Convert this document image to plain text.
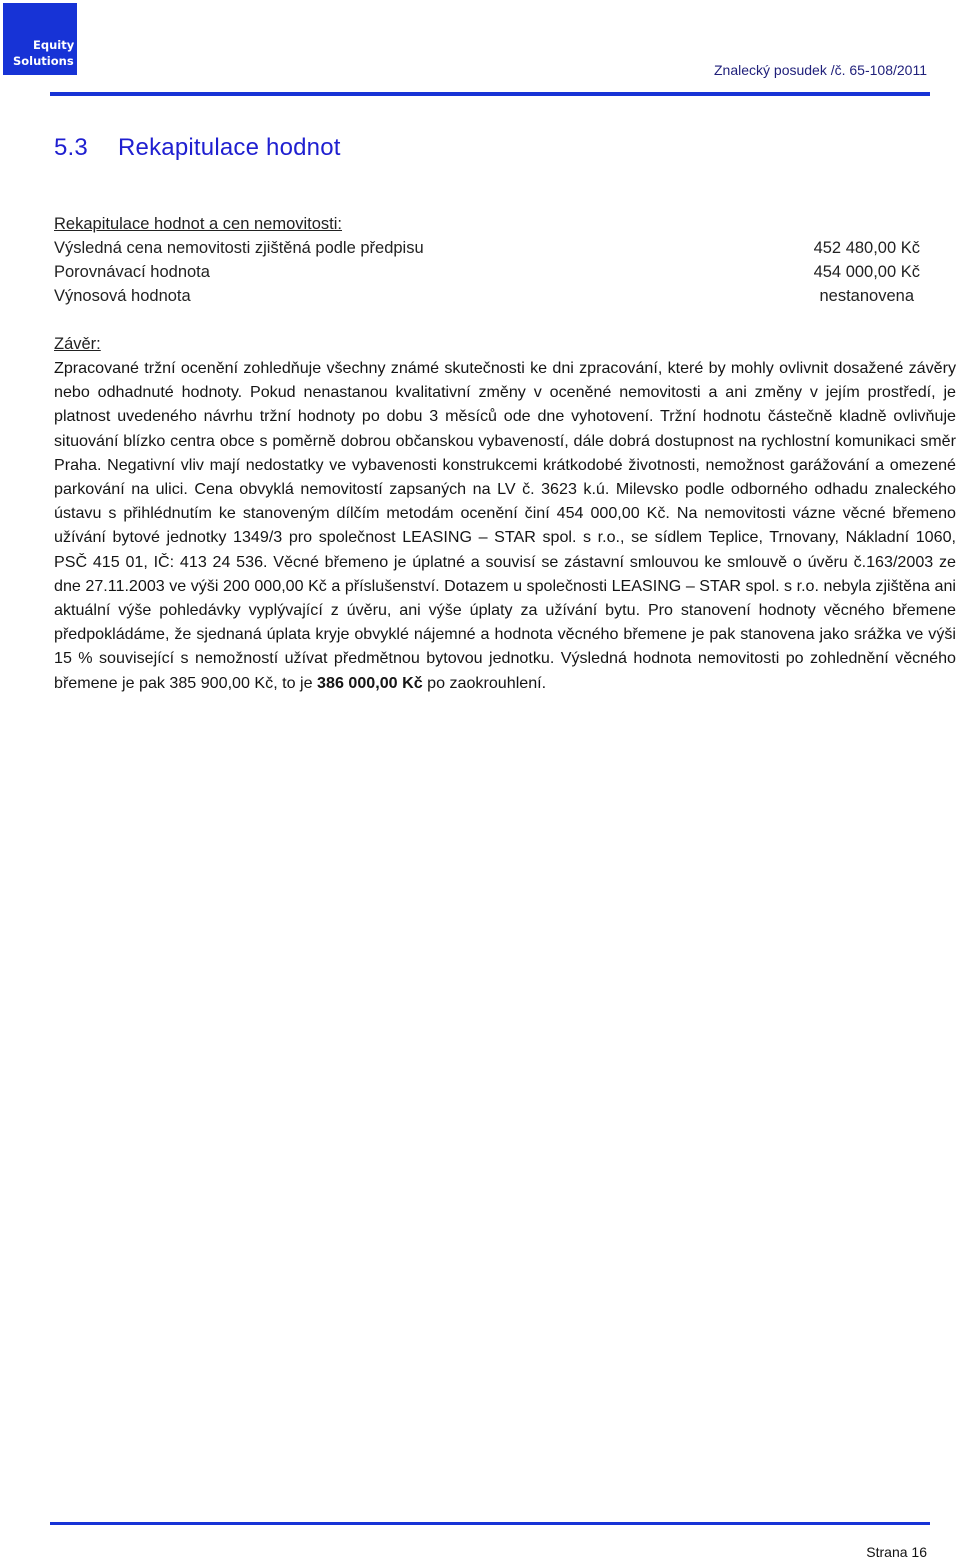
Equity
Solutions
Znalecký posudek /č. 65-108/2011
5.3 Rekapitulace hodnot
Rekapitulace hodnot a cen nemovitosti:
Výsledná cena nemovitosti zjištěná podle předpisu	452 480,00 Kč
Porovnávací hodnota	454 000,00 Kč
Výnosová hodnota	nestanovena
Závěr:

Zpracované tržní ocenění zohledňuje všechny známé skutečnosti ke dni zpracování, které by mohly ovlivnit dosažené závěry nebo odhadnuté hodnoty. Pokud nenastanou kvalitativní změny v oceněné nemovitosti a ani změny v jejím prostředí, je platnost uvedeného návrhu tržní hodnoty po dobu 3 měsíců ode dne vyhotovení. Tržní hodnotu částečně kladně ovlivňuje situování blízko centra obce s poměrně dobrou občanskou vybaveností, dále dobrá dostupnost na rychlostní komunikaci směr Praha. Negativní vliv mají nedostatky ve vybavenosti konstrukcemi krátkodobé životnosti, nemožnost garážování a omezené parkování na ulici. Cena obvyklá nemovitostí zapsaných na LV č. 3623 k.ú. Milevsko podle odborného odhadu znaleckého ústavu s přihlédnutím ke stanoveným dílčím metodám ocenění činí 454 000,00 Kč. Na nemovitosti vázne věcné břemeno užívání bytové jednotky 1349/3 pro společnost LEASING – STAR spol. s r.o., se sídlem Teplice, Trnovany, Nákladní 1060, PSČ 415 01, IČ: 413 24 536. Věcné břemeno je úplatné a souvisí se zástavní smlouvou ke smlouvě o úvěru č.163/2003 ze dne 27.11.2003 ve výši 200 000,00 Kč a příslušenství. Dotazem u společnosti LEASING – STAR spol. s r.o. nebyla zjištěna ani aktuální výše pohledávky vyplývající z úvěru, ani výše úplaty za užívání bytu. Pro stanovení hodnoty věcného břemene předpokládáme, že sjednaná úplata kryje obvyklé nájemné a hodnota věcného břemene je pak stanovena jako srážka ve výši 15 % související s nemožností užívat předmětnou bytovou jednotku. Výsledná hodnota nemovitosti po zohlednění věcného břemene je pak 385 900,00 Kč, to je 386 000,00 Kč po zaokrouhlení.

Strana 16
